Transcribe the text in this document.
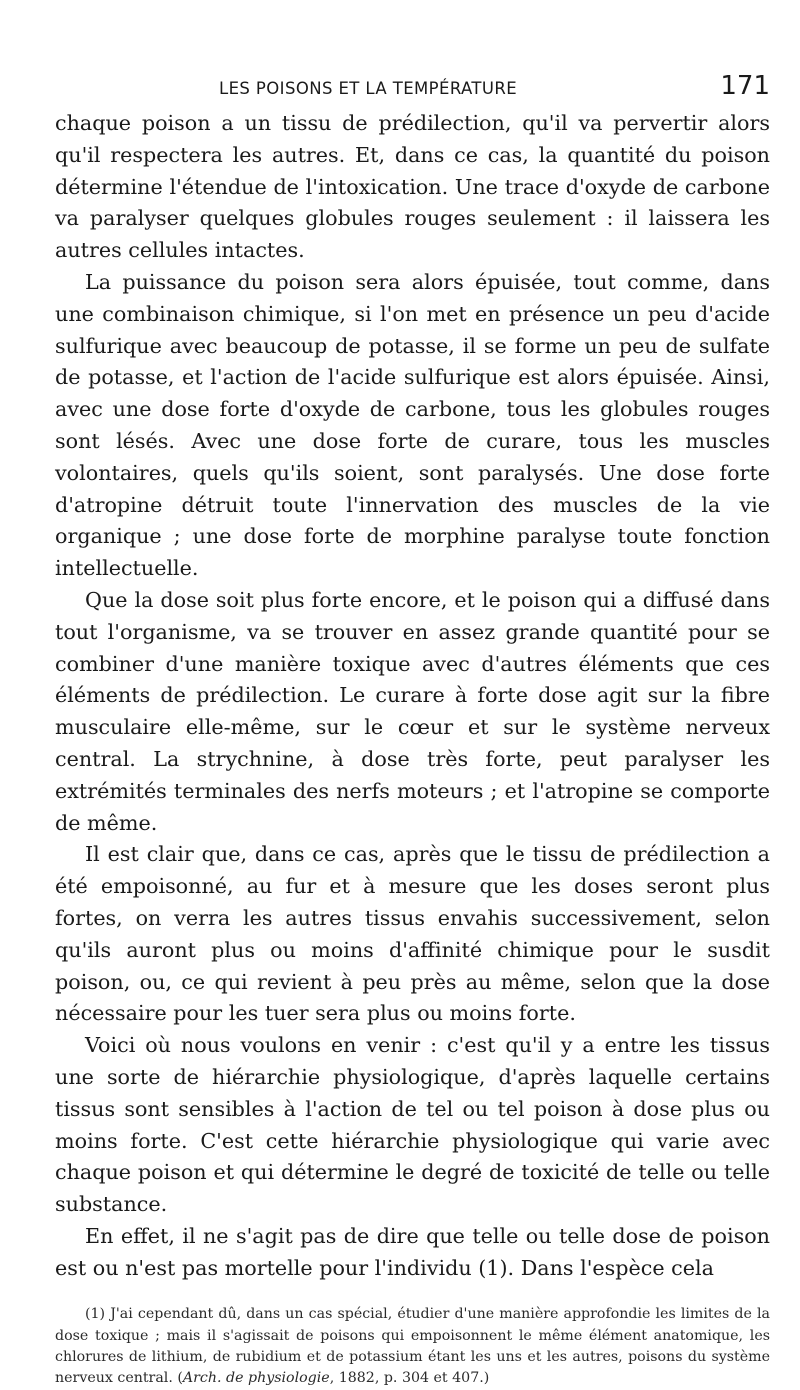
LES POISONS ET LA TEMPÉRATURE	171

chaque poison a un tissu de prédilection, qu'il va pervertir alors qu'il respectera les autres. Et, dans ce cas, la quantité du poison détermine l'étendue de l'intoxication. Une trace d'oxyde de carbone va paralyser quelques globules rouges seulement : il laissera les autres cellules intactes.

La puissance du poison sera alors épuisée, tout comme, dans une combinaison chimique, si l'on met en présence un peu d'acide sulfurique avec beaucoup de potasse, il se forme un peu de sulfate de potasse, et l'action de l'acide sulfurique est alors épuisée. Ainsi, avec une dose forte d'oxyde de carbone, tous les globules rouges sont lésés. Avec une dose forte de curare, tous les muscles volontaires, quels qu'ils soient, sont paralysés. Une dose forte d'atropine détruit toute l'innervation des muscles de la vie organique ; une dose forte de morphine paralyse toute fonction intellectuelle.

Que la dose soit plus forte encore, et le poison qui a diffusé dans tout l'organisme, va se trouver en assez grande quantité pour se combiner d'une manière toxique avec d'autres éléments que ces éléments de prédilection. Le curare à forte dose agit sur la fibre musculaire elle-même, sur le cœur et sur le système nerveux central. La strychnine, à dose très forte, peut paralyser les extrémités terminales des nerfs moteurs ; et l'atropine se comporte de même.

Il est clair que, dans ce cas, après que le tissu de prédilection a été empoisonné, au fur et à mesure que les doses seront plus fortes, on verra les autres tissus envahis successivement, selon qu'ils auront plus ou moins d'affinité chimique pour le susdit poison, ou, ce qui revient à peu près au même, selon que la dose nécessaire pour les tuer sera plus ou moins forte.

Voici où nous voulons en venir : c'est qu'il y a entre les tissus une sorte de hiérarchie physiologique, d'après laquelle certains tissus sont sensibles à l'action de tel ou tel poison à dose plus ou moins forte. C'est cette hiérarchie physiologique qui varie avec chaque poison et qui détermine le degré de toxicité de telle ou telle substance.

En effet, il ne s'agit pas de dire que telle ou telle dose de poison est ou n'est pas mortelle pour l'individu (1). Dans l'espèce cela

(1) J'ai cependant dû, dans un cas spécial, étudier d'une manière approfondie les limites de la dose toxique ; mais il s'agissait de poisons qui empoisonnent le même élément anatomique, les chlorures de lithium, de rubidium et de potassium étant les uns et les autres, poisons du système nerveux central. (Arch. de physiologie, 1882, p. 304 et 407.)
